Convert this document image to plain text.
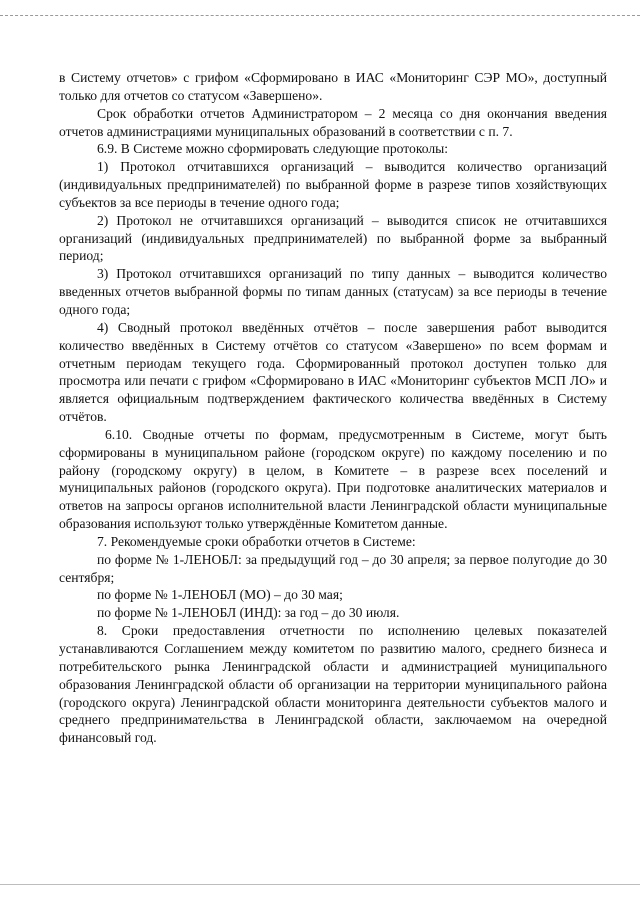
в Систему отчетов» с грифом «Сформировано в ИАС «Мониторинг СЭР МО», доступный только для отчетов со статусом «Завершено».

Срок обработки отчетов Администратором – 2 месяца со дня окончания введения отчетов администрациями муниципальных образований в соответствии с п. 7.

6.9. В Системе можно сформировать следующие протоколы:

1) Протокол отчитавшихся организаций – выводится количество организаций (индивидуальных предпринимателей) по выбранной форме в разрезе типов хозяйствующих субъектов за все периоды в течение одного года;

2) Протокол не отчитавшихся организаций – выводится список не отчитавшихся организаций (индивидуальных предпринимателей) по выбранной форме за выбранный период;

3) Протокол отчитавшихся организаций по типу данных – выводится количество введенных отчетов выбранной формы по типам данных (статусам) за все периоды в течение одного года;

4) Сводный протокол введённых отчётов – после завершения работ выводится количество введённых в Систему отчётов со статусом «Завершено» по всем формам и отчетным периодам текущего года. Сформированный протокол доступен только для просмотра или печати с грифом «Сформировано в ИАС «Мониторинг субъектов МСП ЛО» и является официальным подтверждением фактического количества введённых в Систему отчётов.

6.10. Сводные отчеты по формам, предусмотренным в Системе, могут быть сформированы в муниципальном районе (городском округе) по каждому поселению и по району (городскому округу) в целом, в Комитете – в разрезе всех поселений и муниципальных районов (городского округа). При подготовке аналитических материалов и ответов на запросы органов исполнительной власти Ленинградской области муниципальные образования используют только утверждённые Комитетом данные.

7. Рекомендуемые сроки обработки отчетов в Системе:

по форме № 1-ЛЕНОБЛ: за предыдущий год – до 30 апреля; за первое полугодие до 30 сентября;

по форме № 1-ЛЕНОБЛ (МО) – до 30 мая;

по форме № 1-ЛЕНОБЛ (ИНД): за год – до 30 июля.

8. Сроки предоставления отчетности по исполнению целевых показателей устанавливаются Соглашением между комитетом по развитию малого, среднего бизнеса и потребительского рынка Ленинградской области и администрацией муниципального образования Ленинградской области об организации на территории муниципального района (городского округа) Ленинградской области мониторинга деятельности субъектов малого и среднего предпринимательства в Ленинградской области, заключаемом на очередной финансовый год.
